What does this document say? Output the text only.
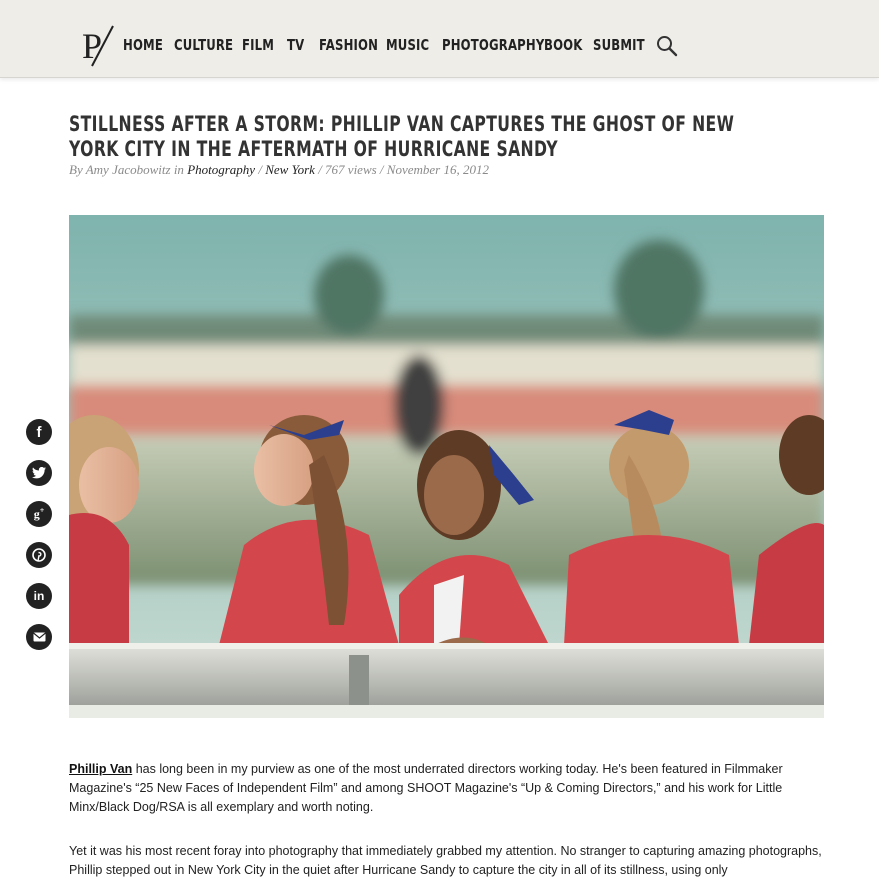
P HOME CULTURE FILM TV FASHION MUSIC PHOTOGRAPHY BOOK SUBMIT
STILLNESS AFTER A STORM: PHILLIP VAN CAPTURES THE GHOST OF NEW YORK CITY IN THE AFTERMATH OF HURRICANE SANDY
By Amy Jacobowitz in Photography / New York / 767 views / November 16, 2012
f
g+
in

Phillip Van has long been in my purview as one of the most underrated directors working today. He's been featured in Filmmaker Magazine's “25 New Faces of Independent Film” and among SHOOT Magazine's “Up & Coming Directors,” and his work for Little Minx/Black Dog/RSA is all exemplary and worth noting.

Yet it was his most recent foray into photography that immediately grabbed my attention. No stranger to capturing amazing photographs, Phillip stepped out in New York City in the quiet after Hurricane Sandy to capture the city in all of its stillness, using only
